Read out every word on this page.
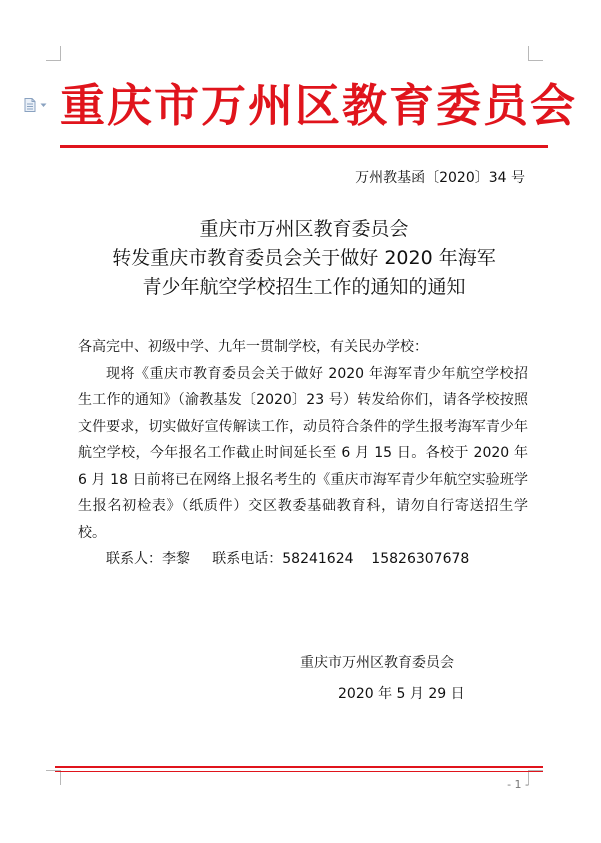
重庆市万州区教育委员会
万州教基函〔2020〕34 号
重庆市万州区教育委员会
转发重庆市教育委员会关于做好 2020 年海军
青少年航空学校招生工作的通知的通知

各高完中、初级中学、九年一贯制学校，有关民办学校：

现将《重庆市教育委员会关于做好 2020 年海军青少年航空学校招生工作的通知》（渝教基发〔2020〕23 号）转发给你们，请各学校按照文件要求，切实做好宣传解读工作，动员符合条件的学生报考海军青少年航空学校，今年报名工作截止时间延长至 6 月 15 日。各校于 2020 年 6 月 18 日前将已在网络上报名考生的《重庆市海军青少年航空实验班学生报名初检表》（纸质件）交区教委基础教育科，请勿自行寄送招生学校。

联系人：李黎     联系电话：58241624    15826307678

重庆市万州区教育委员会
2020 年 5 月 29 日
- 1 -
